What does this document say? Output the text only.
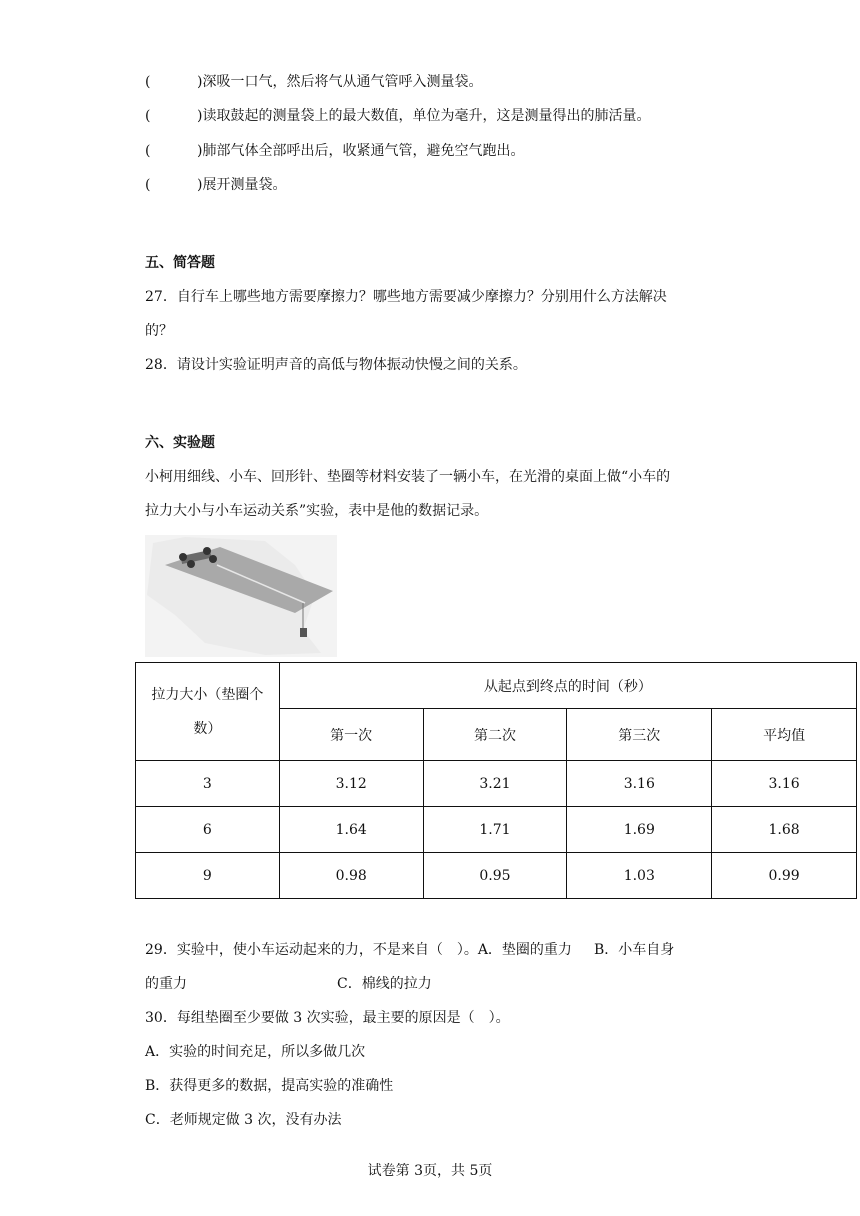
(	)深吸一口气，然后将气从通气管呼入测量袋。
(	)读取鼓起的测量袋上的最大数值，单位为毫升，这是测量得出的肺活量。
(	)肺部气体全部呼出后，收紧通气管，避免空气跑出。
(	)展开测量袋。
五、简答题
27．自行车上哪些地方需要摩擦力？哪些地方需要减少摩擦力？分别用什么方法解决
的？
28．请设计实验证明声音的高低与物体振动快慢之间的关系。
六、实验题
小柯用细线、小车、回形针、垫圈等材料安装了一辆小车，在光滑的桌面上做“小车的
拉力大小与小车运动关系”实验，表中是他的数据记录。
拉力大小（垫圈个
数）	从起点到终点的时间（秒）			
	第一次	第二次	第三次	平均值
3	3.12	3.21	3.16	3.16
6	1.64	1.71	1.69	1.68
9	0.98	0.95	1.03	0.99
29．实验中，使小车运动起来的力，不是来自（　）。A．垫圈的重力 B．小车自身
的重力	C．棉线的拉力
30．每组垫圈至少要做 3 次实验，最主要的原因是（　）。
A．实验的时间充足，所以多做几次
B．获得更多的数据，提高实验的准确性
C．老师规定做 3 次，没有办法
试卷第 3页，共 5页
